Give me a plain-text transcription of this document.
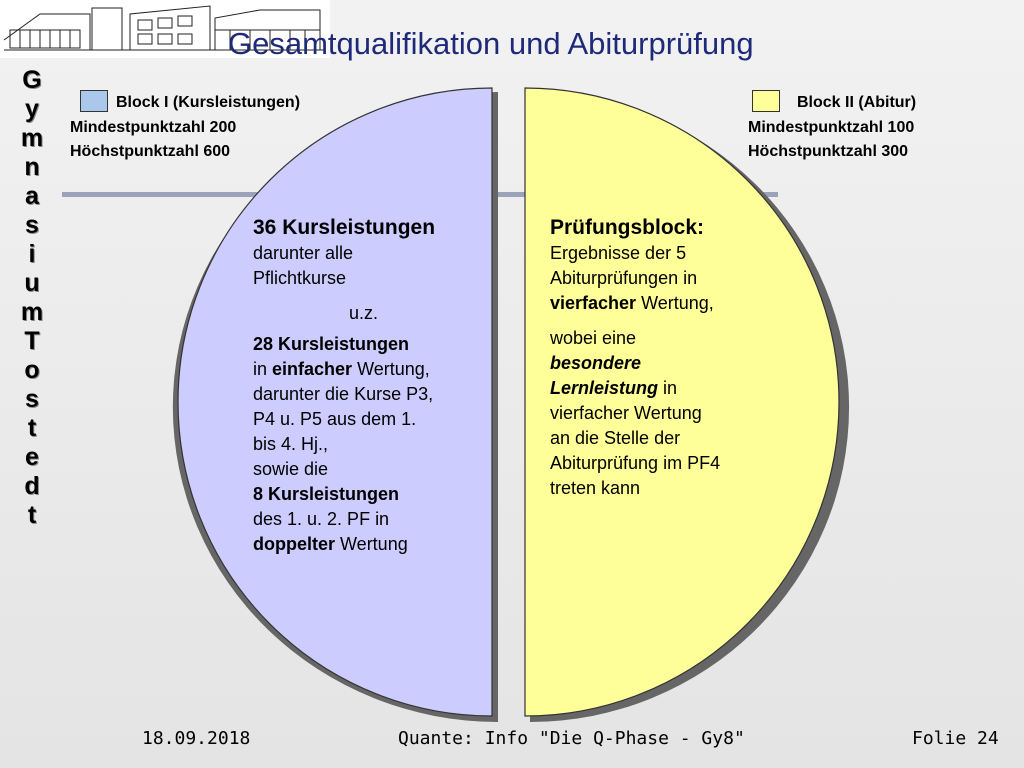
G
y
m
n
a
s
i
u
m
T
o
s
t
e
d
t
Gesamtqualifikation und Abiturprüfung
Block I (Kursleistungen)
Mindestpunktzahl 200
Höchstpunktzahl 600
Block II (Abitur)
Mindestpunktzahl 100
Höchstpunktzahl 300

36 Kursleistungen

darunter alle

Pflichtkurse

u.z.

28 Kursleistungen

in einfacher Wertung,

darunter die Kurse P3,

P4 u. P5 aus dem 1.

bis 4. Hj.,

sowie die

8 Kursleistungen

des 1. u. 2. PF in

doppelter Wertung

Prüfungsblock:

Ergebnisse der 5

Abiturprüfungen in

vierfacher Wertung,

wobei eine

besondere

Lernleistung in

vierfacher Wertung

an die Stelle der

Abiturprüfung im PF4

treten kann

18.09.2018	Quante: Info "Die Q-Phase - Gy8"	Folie 24
